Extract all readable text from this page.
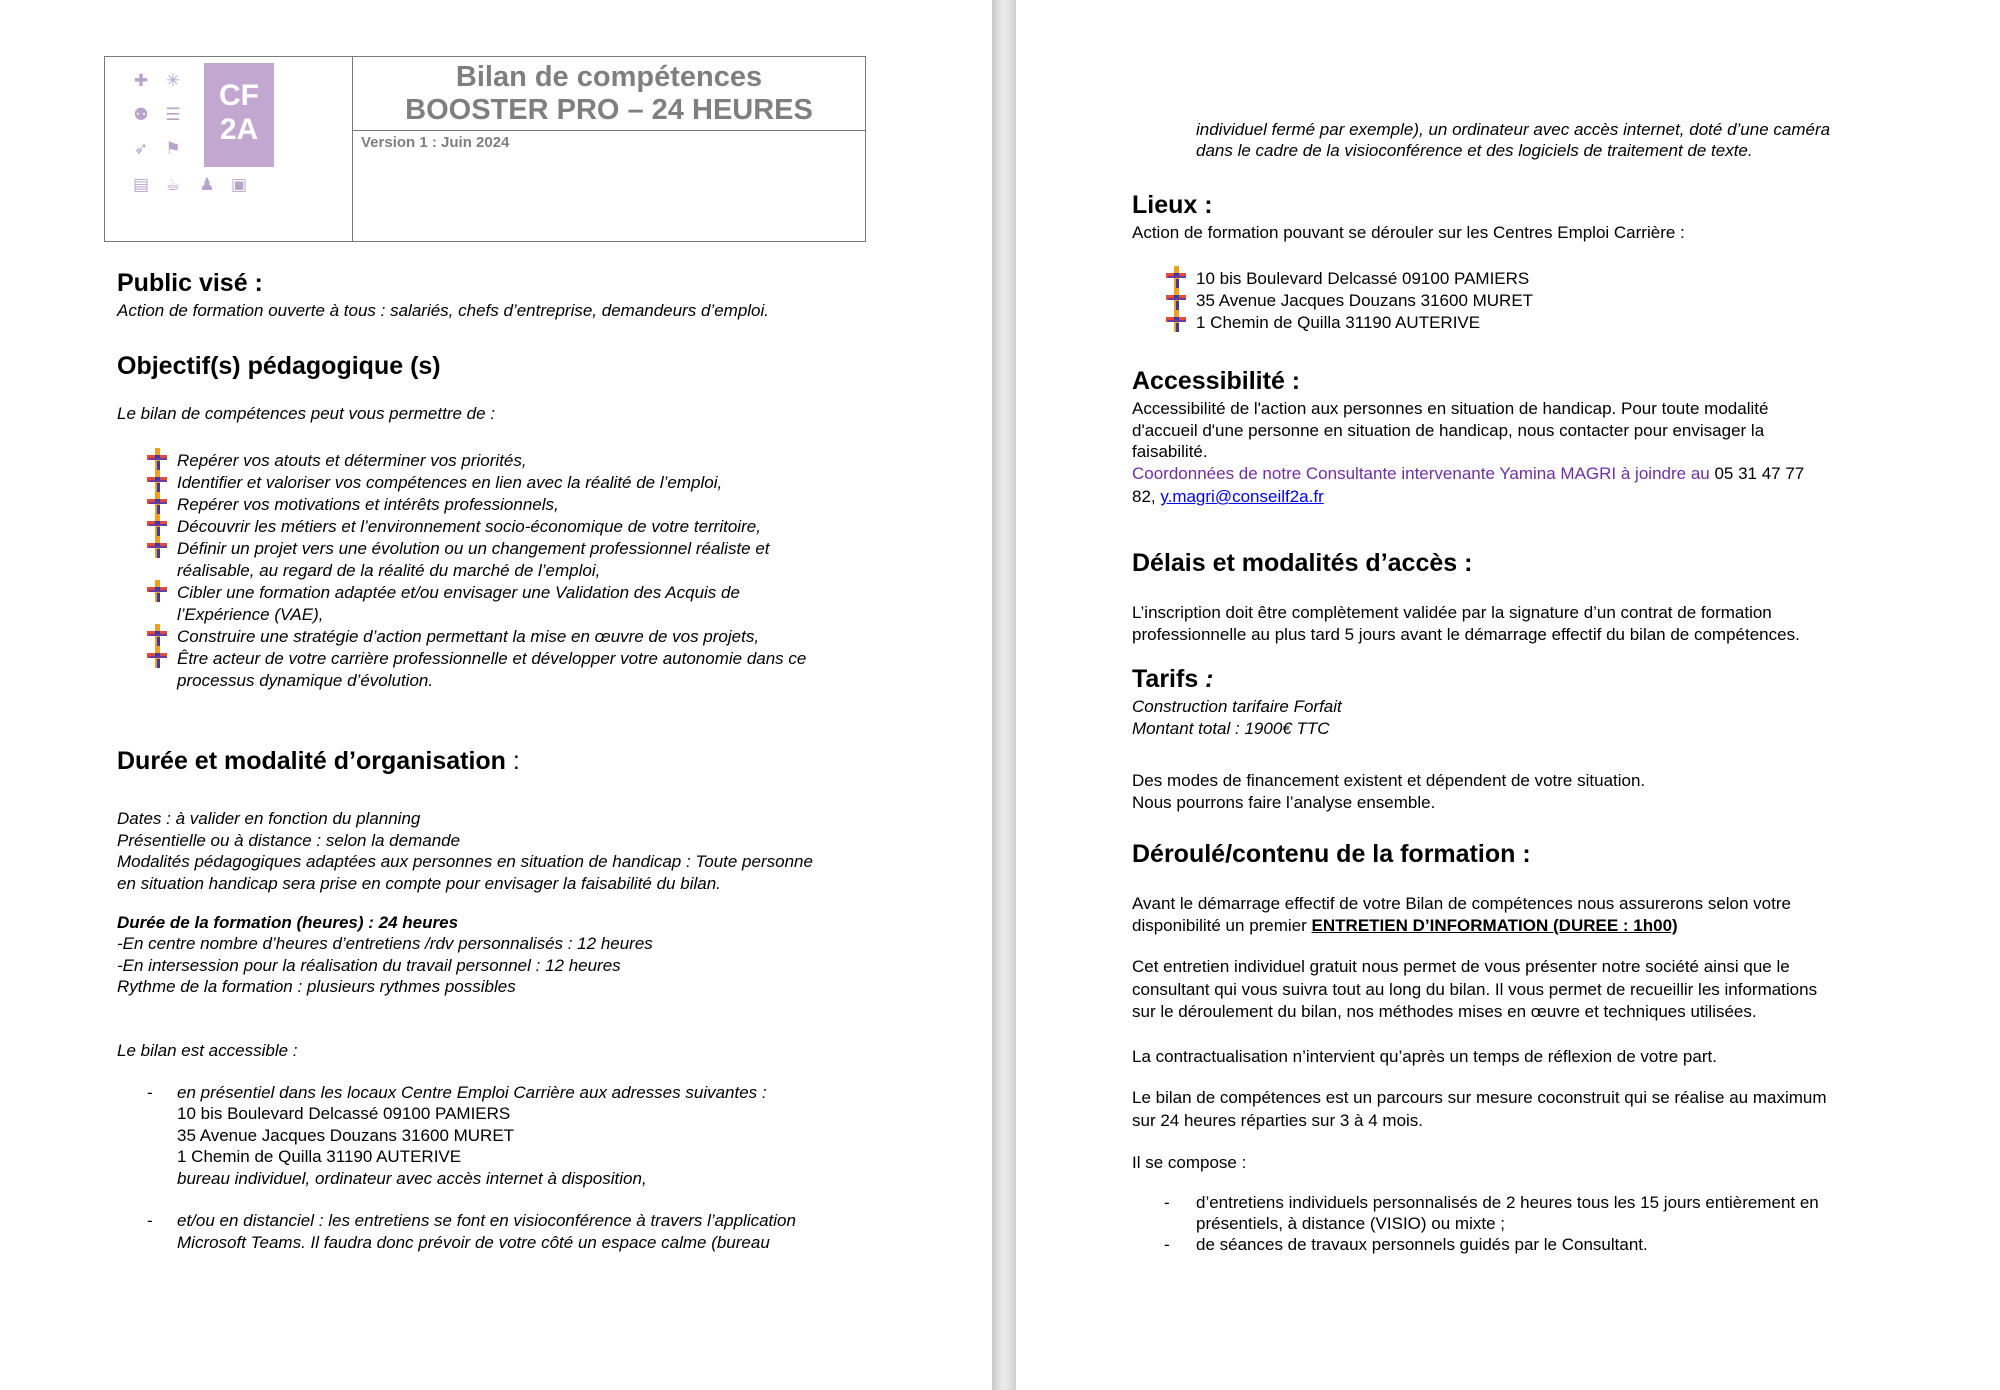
✚ ✳
⚉ ☰
➶ ⚑
▤ ☕ ♟ ▣
CF
2A
Bilan de compétences
BOOSTER PRO – 24 HEURES
Version 1 : Juin 2024
Public visé :
Action de formation ouverte à tous : salariés, chefs d’entreprise, demandeurs d’emploi.
Objectif(s) pédagogique (s)
Le bilan de compétences peut vous permettre de :
Repérer vos atouts et déterminer vos priorités,
Identifier et valoriser vos compétences en lien avec la réalité de l’emploi,
Repérer vos motivations et intérêts professionnels,
Découvrir les métiers et l’environnement socio-économique de votre territoire,
Définir un projet vers une évolution ou un changement professionnel réaliste et
réalisable, au regard de la réalité du marché de l’emploi,
Cibler une formation adaptée et/ou envisager une Validation des Acquis de
l’Expérience (VAE),
Construire une stratégie d’action permettant la mise en œuvre de vos projets,
Être acteur de votre carrière professionnelle et développer votre autonomie dans ce
processus dynamique d’évolution.
Durée et modalité d’organisation :
Dates : à valider en fonction du planning
Présentielle ou à distance : selon la demande
Modalités pédagogiques adaptées aux personnes en situation de handicap : Toute personne
en situation handicap sera prise en compte pour envisager la faisabilité du bilan.
Durée de la formation (heures) : 24 heures
-En centre nombre d’heures d’entretiens /rdv personnalisés : 12 heures
-En intersession pour la réalisation du travail personnel : 12 heures
Rythme de la formation : plusieurs rythmes possibles
Le bilan est accessible :
- en présentiel dans les locaux Centre Emploi Carrière aux adresses suivantes :
10 bis Boulevard Delcassé 09100 PAMIERS
35 Avenue Jacques Douzans 31600 MURET
1 Chemin de Quilla 31190 AUTERIVE
bureau individuel, ordinateur avec accès internet à disposition,
- et/ou en distanciel : les entretiens se font en visioconférence à travers l’application
Microsoft Teams. Il faudra donc prévoir de votre côté un espace calme (bureau
individuel fermé par exemple), un ordinateur avec accès internet, doté d’une caméra
dans le cadre de la visioconférence et des logiciels de traitement de texte.
Lieux :
Action de formation pouvant se dérouler sur les Centres Emploi Carrière :
10 bis Boulevard Delcassé 09100 PAMIERS
35 Avenue Jacques Douzans 31600 MURET
1 Chemin de Quilla 31190 AUTERIVE
Accessibilité :
Accessibilité de l'action aux personnes en situation de handicap. Pour toute modalité
d'accueil d'une personne en situation de handicap, nous contacter pour envisager la
faisabilité.
Coordonnées de notre Consultante intervenante Yamina MAGRI à joindre au 05 31 47 77
82, y.magri@conseilf2a.fr
Délais et modalités d’accès :
L’inscription doit être complètement validée par la signature d’un contrat de formation
professionnelle au plus tard 5 jours avant le démarrage effectif du bilan de compétences.
Tarifs :
Construction tarifaire Forfait
Montant total : 1900€ TTC
Des modes de financement existent et dépendent de votre situation.
Nous pourrons faire l’analyse ensemble.
Déroulé/contenu de la formation :
Avant le démarrage effectif de votre Bilan de compétences nous assurerons selon votre
disponibilité un premier ENTRETIEN D’INFORMATION (DUREE : 1h00)
Cet entretien individuel gratuit nous permet de vous présenter notre société ainsi que le
consultant qui vous suivra tout au long du bilan. Il vous permet de recueillir les informations
sur le déroulement du bilan, nos méthodes mises en œuvre et techniques utilisées.
La contractualisation n’intervient qu’après un temps de réflexion de votre part.
Le bilan de compétences est un parcours sur mesure coconstruit qui se réalise au maximum
sur 24 heures réparties sur 3 à 4 mois.
Il se compose :
- d’entretiens individuels personnalisés de 2 heures tous les 15 jours entièrement en
présentiels, à distance (VISIO) ou mixte ;
- de séances de travaux personnels guidés par le Consultant.
